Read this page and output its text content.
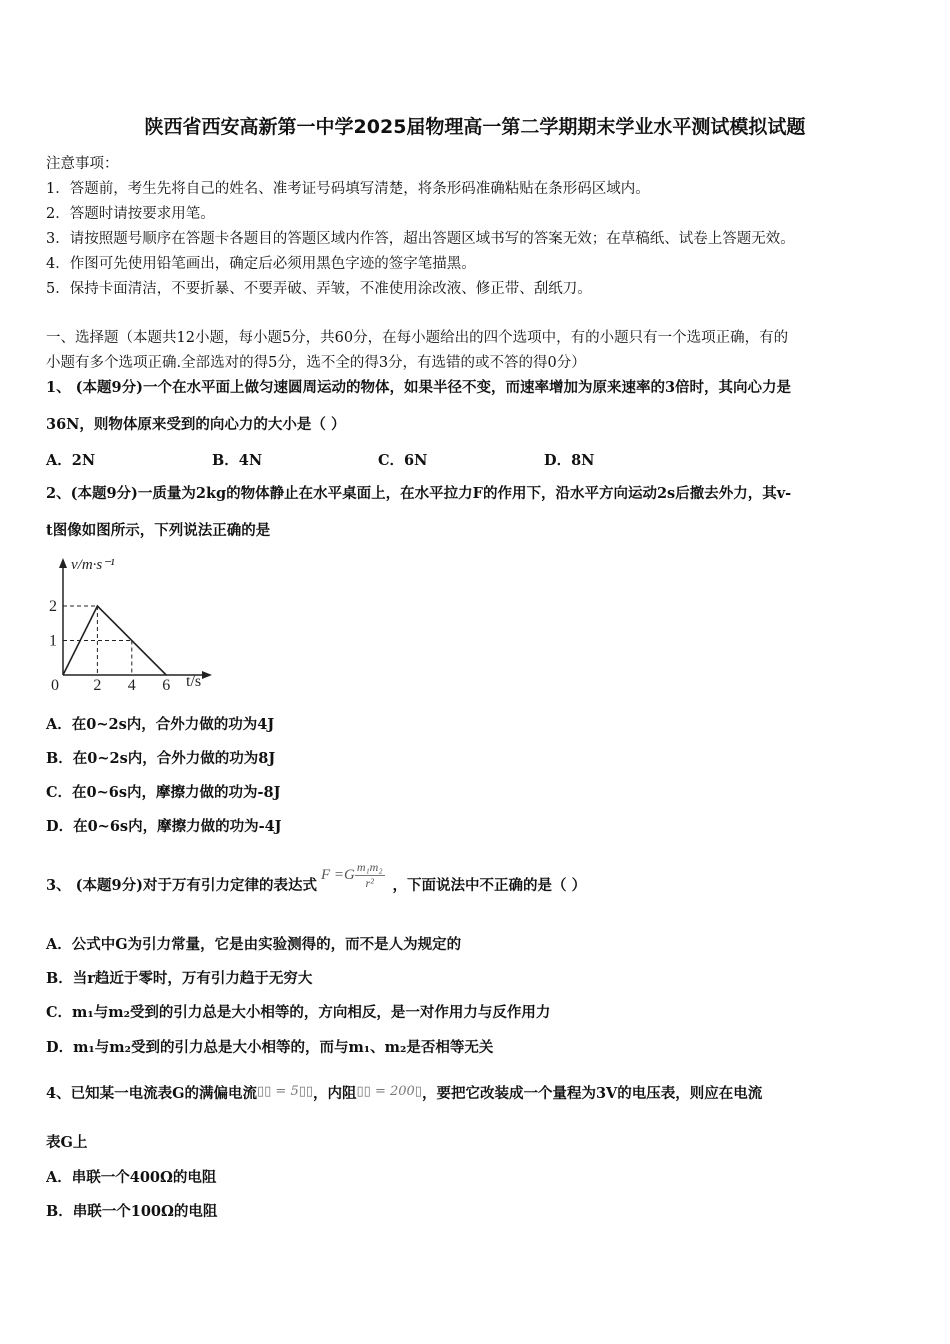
陕西省西安高新第一中学2025届物理高一第二学期期末学业水平测试模拟试题
注意事项：
1．答题前，考生先将自己的姓名、准考证号码填写清楚，将条形码准确粘贴在条形码区域内。
2．答题时请按要求用笔。
3．请按照题号顺序在答题卡各题目的答题区域内作答，超出答题区域书写的答案无效；在草稿纸、试卷上答题无效。
4．作图可先使用铅笔画出，确定后必须用黑色字迹的签字笔描黑。
5．保持卡面清洁，不要折暴、不要弄破、弄皱，不准使用涂改液、修正带、刮纸刀。
一、选择题（本题共12小题，每小题5分，共60分，在每小题给出的四个选项中，有的小题只有一个选项正确，有的
小题有多个选项正确.全部选对的得5分，选不全的得3分，有选错的或不答的得0分）
1、 (本题9分)一个在水平面上做匀速圆周运动的物体，如果半径不变，而速率增加为原来速率的3倍时，其向心力是
36N，则物体原来受到的向心力的大小是（ ）
A．2N	B．4N	C．6N	D．8N
2、(本题9分)一质量为2kg的物体静止在水平桌面上，在水平拉力F的作用下，沿水平方向运动2s后撤去外力，其v-
t图像如图所示，下列说法正确的是
v/m·s⁻¹
t/s
0 2 4 6
1
2
A．在0~2s内，合外力做的功为4J
B．在0~2s内，合外力做的功为8J
C．在0~6s内，摩擦力做的功为-8J
D．在0~6s内，摩擦力做的功为-4J
3、 (本题9分)对于万有引力定律的表达式$F =G \frac{\text{m₁m₂}}{\text{r²}}$ ，下面说法中不正确的是（ ）
A．公式中G为引力常量，它是由实验测得的，而不是人为规定的
B．当r趋近于零时，万有引力趋于无穷大
C．m₁与m₂受到的引力总是大小相等的，方向相反，是一对作用力与反作用力
D．m₁与m₂受到的引力总是大小相等的，而与m₁、m₂是否相等无关
4、已知某一电流表G的满偏电流▯▯ = 5▯▯，内阻▯▯ = 200▯，要把它改装成一个量程为3V的电压表，则应在电流
表G上
A．串联一个400Ω的电阻
B．串联一个100Ω的电阻
